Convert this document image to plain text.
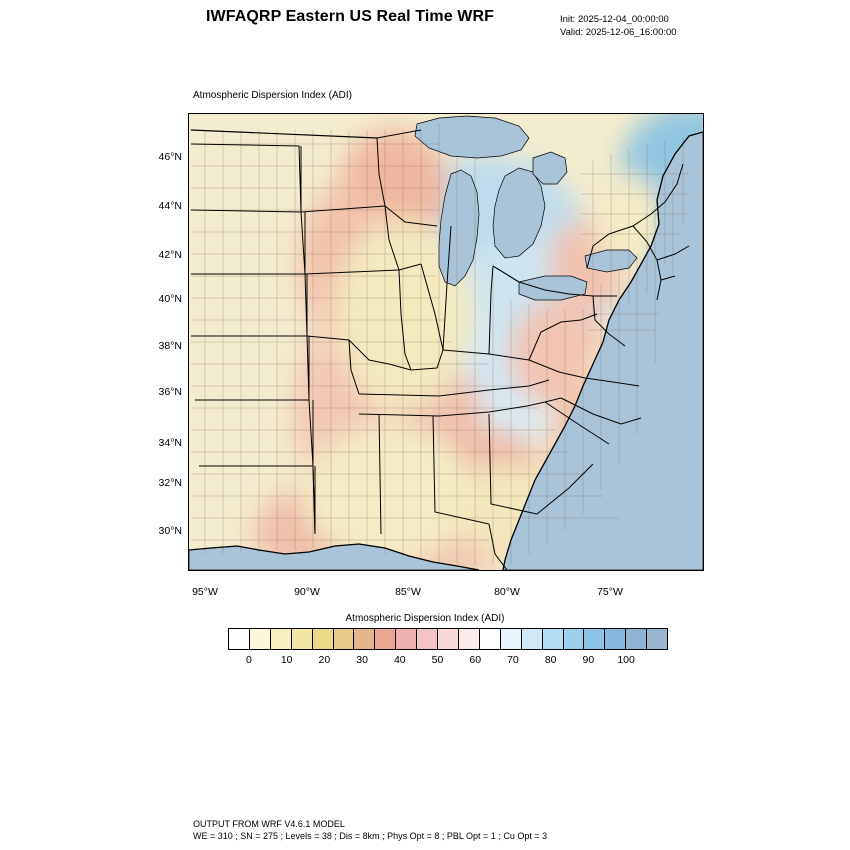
IWFAQRP Eastern US Real Time WRF	Init: 2025-12-04_00:00:00
Valid: 2025-12-06_16:00:00
Atmospheric Dispersion Index (ADI)
46°N
44°N
42°N
40°N
38°N
36°N
34°N
32°N
30°N
95°W	90°W	85°W	80°W	75°W
Atmospheric Dispersion Index (ADI)
0	10 20 30 40 50 60 70 80 90 100
OUTPUT FROM WRF V4.6.1 MODEL
WE = 310 ; SN = 275 ; Levels = 38 ; Dis = 8km ; Phys Opt = 8 ; PBL Opt = 1 ; Cu Opt = 3
